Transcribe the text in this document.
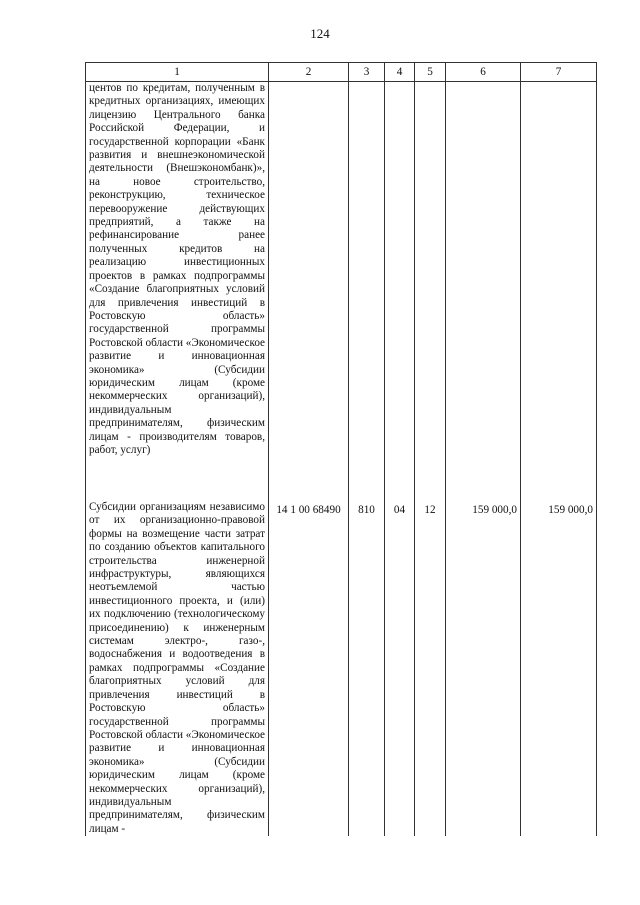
124
1	2	3	4	5	6	7
центов по кредитам, полученным в кредитных организациях, имеющих лицензию Центрального банка Российской Федерации, и государственной корпорации «Банк развития и внешнеэкономической деятельности (Внешэкономбанк)», на новое строительство, реконструкцию, техническое перевооружение действующих предприятий, а также на рефинансирование ранее полученных кредитов на реализацию инвестиционных проектов в рамках подпрограммы «Создание благоприятных условий для привлечения инвестиций в Ростовскую область» государственной программы Ростовской области «Экономическое развитие и инновационная экономика» (Субсидии юридическим лицам (кроме некоммерческих организаций), индивидуальным предпринимателям, физическим лицам - производителям товаров, работ, услуг)						
Субсидии организациям независимо от их организационно-правовой формы на возмещение части затрат по созданию объектов капитального строительства инженерной инфраструктуры, являющихся неотъемлемой частью инвестиционного проекта, и (или) их подключению (технологическому присоединению) к инженерным системам электро-, газо-, водоснабжения и водоотведения в рамках подпрограммы «Создание благоприятных условий для привлечения инвестиций в Ростовскую область» государственной программы Ростовской области «Экономическое развитие и инновационная экономика» (Субсидии юридическим лицам (кроме некоммерческих организаций), индивидуальным предпринимателям, физическим лицам -	14 1 00 68490	810	04	12	159 000,0	159 000,0
